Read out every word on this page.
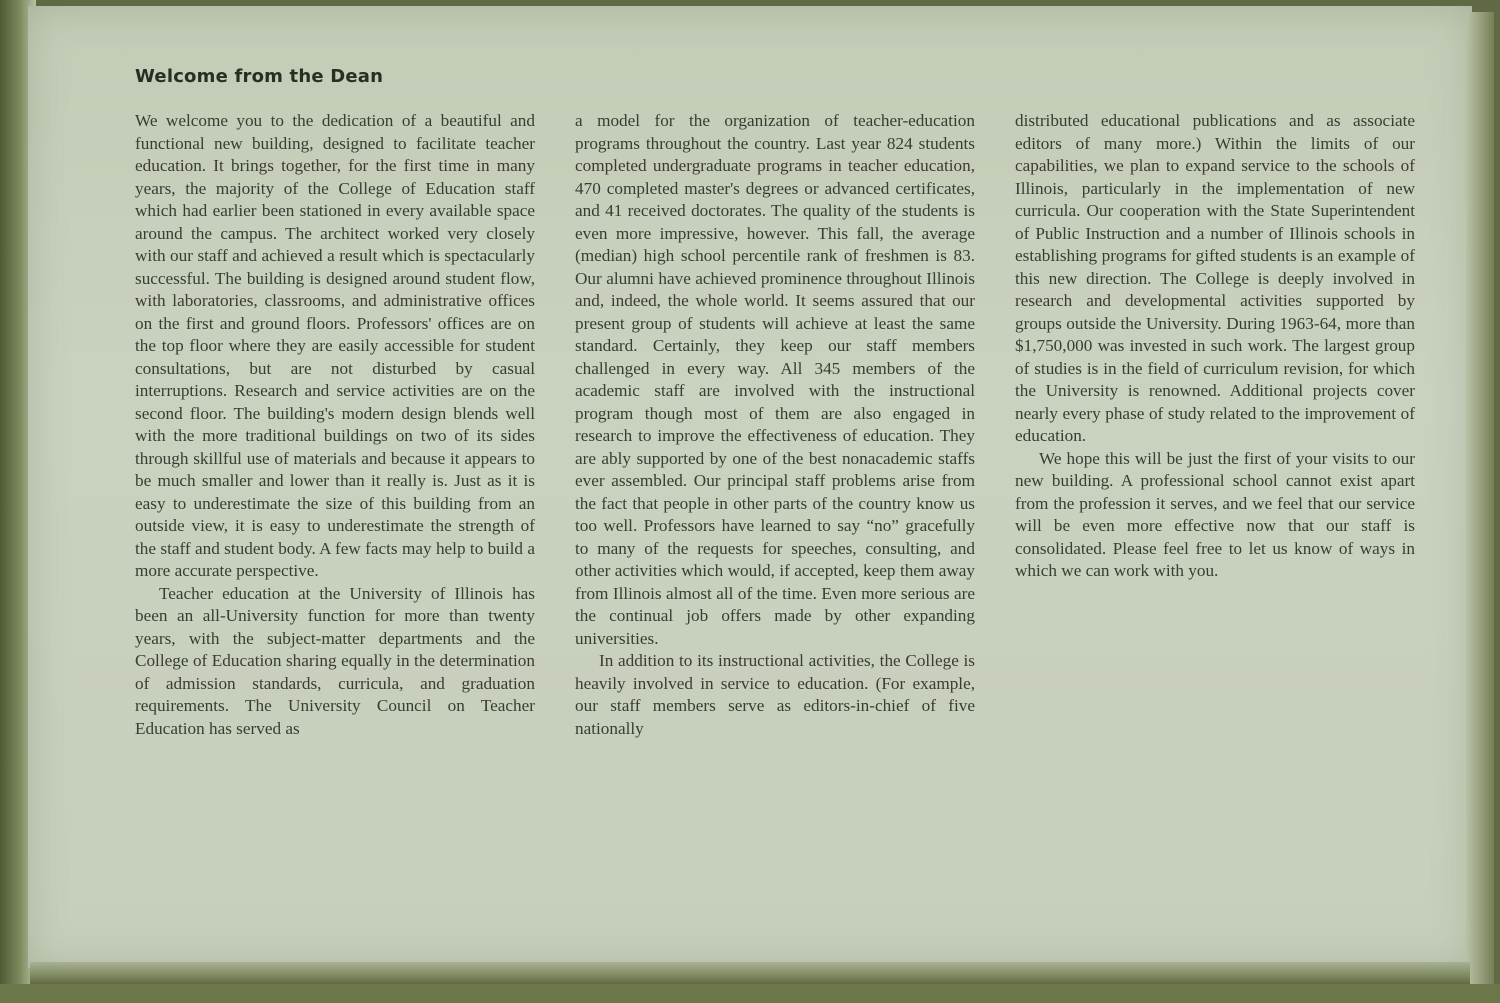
Welcome from the Dean

We welcome you to the dedication of a beautiful and functional new building, designed to facilitate teacher education. It brings together, for the first time in many years, the majority of the College of Education staff which had earlier been stationed in every available space around the campus. The architect worked very closely with our staff and achieved a result which is spectacularly successful. The building is designed around student flow, with laboratories, classrooms, and administrative offices on the first and ground floors. Professors' offices are on the top floor where they are easily accessible for student consultations, but are not disturbed by casual interruptions. Research and service activities are on the second floor. The building's modern design blends well with the more traditional buildings on two of its sides through skillful use of materials and because it appears to be much smaller and lower than it really is. Just as it is easy to underestimate the size of this building from an outside view, it is easy to underestimate the strength of the staff and student body. A few facts may help to build a more accurate perspective.

Teacher education at the University of Illinois has been an all-University function for more than twenty years, with the subject-matter departments and the College of Education sharing equally in the determination of admission standards, curricula, and graduation requirements. The University Council on Teacher Education has served as

a model for the organization of teacher-education programs throughout the country. Last year 824 students completed undergraduate programs in teacher education, 470 completed master's degrees or advanced certificates, and 41 received doctorates. The quality of the students is even more impressive, however. This fall, the average (median) high school percentile rank of freshmen is 83. Our alumni have achieved prominence throughout Illinois and, indeed, the whole world. It seems assured that our present group of students will achieve at least the same standard. Certainly, they keep our staff members challenged in every way. All 345 members of the academic staff are involved with the instructional program though most of them are also engaged in research to improve the effectiveness of education. They are ably supported by one of the best nonacademic staffs ever assembled. Our principal staff problems arise from the fact that people in other parts of the country know us too well. Professors have learned to say “no” gracefully to many of the requests for speeches, consulting, and other activities which would, if accepted, keep them away from Illinois almost all of the time. Even more serious are the continual job offers made by other expanding universities.

In addition to its instructional activities, the College is heavily involved in service to education. (For example, our staff members serve as editors-in-chief of five nationally

distributed educational publications and as associate editors of many more.) Within the limits of our capabilities, we plan to expand service to the schools of Illinois, particularly in the implementation of new curricula. Our cooperation with the State Superintendent of Public Instruction and a number of Illinois schools in establishing programs for gifted students is an example of this new direction. The College is deeply involved in research and developmental activities supported by groups outside the University. During 1963-64, more than $1,750,000 was invested in such work. The largest group of studies is in the field of curriculum revision, for which the University is renowned. Additional projects cover nearly every phase of study related to the improvement of education.

We hope this will be just the first of your visits to our new building. A professional school cannot exist apart from the profession it serves, and we feel that our service will be even more effective now that our staff is consolidated. Please feel free to let us know of ways in which we can work with you.
